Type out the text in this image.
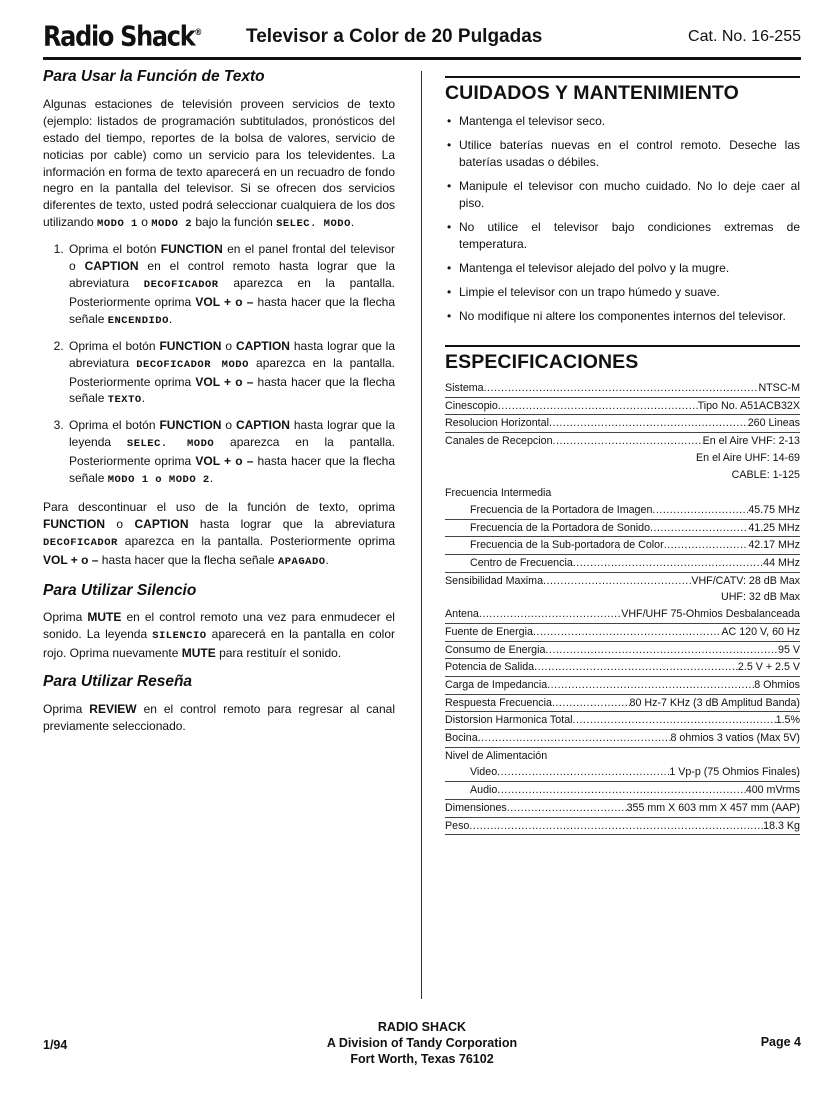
Radio Shack® Televisor a Color de 20 Pulgadas	Cat. No. 16-255
Para Usar la Función de Texto

Algunas estaciones de televisión proveen servicios de texto (ejemplo: listados de programación subtitulados, pronósticos del estado del tiempo, reportes de la bolsa de valores, servicio de noticias por cable) como un servicio para los televidentes. La información en forma de texto aparecerá en un recuadro de fondo negro en la pantalla del televisor. Si se ofrecen dos servicios diferentes de texto, usted podrá seleccionar cualquiera de los dos utilizando MODO 1 o MODO 2 bajo la función SELEC. MODO.

1. Oprima el botón FUNCTION en el panel frontal del televisor o CAPTION en el control remoto hasta lograr que la abreviatura DECOFICADOR aparezca en la pantalla. Posteriormente oprima VOL + o – hasta hacer que la flecha señale ENCENDIDO.
2. Oprima el botón FUNCTION o CAPTION hasta lograr que la abreviatura DECOFICADOR MODO aparezca en la pantalla. Posteriormente oprima VOL + o – hasta hacer que la flecha señale TEXTO.
3. Oprima el botón FUNCTION o CAPTION hasta lograr que la leyenda SELEC. MODO aparezca en la pantalla. Posteriormente oprima VOL + o – hasta hacer que la flecha señale MODO 1 o MODO 2.

Para descontinuar el uso de la función de texto, oprima FUNCTION o CAPTION hasta lograr que la abreviatura DECOFICADOR aparezca en la pantalla. Posteriormente oprima VOL + o – hasta hacer que la flecha señale APAGADO.

Para Utilizar Silencio

Oprima MUTE en el control remoto una vez para enmudecer el sonido. La leyenda SILENCIO aparecerá en la pantalla en color rojo. Oprima nuevamente MUTE para restituír el sonido.

Para Utilizar Reseña

Oprima REVIEW en el control remoto para regresar al canal previamente seleccionado.

CUIDADOS Y MANTENIMIENTO
• Mantenga el televisor seco.
• Utilice baterías nuevas en el control remoto. Deseche las baterías usadas o débiles.
• Manipule el televisor con mucho cuidado. No lo deje caer al piso.
• No utilice el televisor bajo condiciones extremas de temperatura.
• Mantenga el televisor alejado del polvo y la mugre.
• Limpie el televisor con un trapo húmedo y suave.
• No modifique ni altere los componentes internos del televisor.
ESPECIFICACIONES
Sistema .....	NTSC-M
Cinescopio .....	Tipo No. A51ACB32X
Resolucion Horizontal .....	260 Lineas
Canales de Recepcion .....	En el Aire VHF: 2-13
En el Aire UHF: 14-69
CABLE: 1-125
Frecuencia Intermedia
Frecuencia de la Portadora de Imagen .....	45.75 MHz
Frecuencia de la Portadora de Sonido .....	41.25 MHz
Frecuencia de la Sub-portadora de Color .....	42.17 MHz
Centro de Frecuencia .....	44 MHz
Sensibilidad Maxima .....	VHF/CATV: 28 dB Max
UHF: 32 dB Max
Antena .....	VHF/UHF 75-Ohmios Desbalanceada
Fuente de Energia .....	AC 120 V, 60 Hz
Consumo de Energia .....	95 V
Potencia de Salida .....	2.5 V + 2.5 V
Carga de Impedancia .....	8 Ohmios
Respuesta Frecuencia .....	80 Hz-7 KHz (3 dB Amplitud Banda)
Distorsion Harmonica Total .....	1.5%
Bocina .....	8 ohmios 3 vatios (Max 5V)
Nivel de Alimentación
Video .....	1 Vp-p (75 Ohmios Finales)
Audio .....	400 mVrms
Dimensiones .....	355 mm X 603 mm X 457 mm (AAP)
Peso .....	18.3 Kg
1/94
RADIO SHACK
A Division of Tandy Corporation
Fort Worth, Texas 76102
Page 4
